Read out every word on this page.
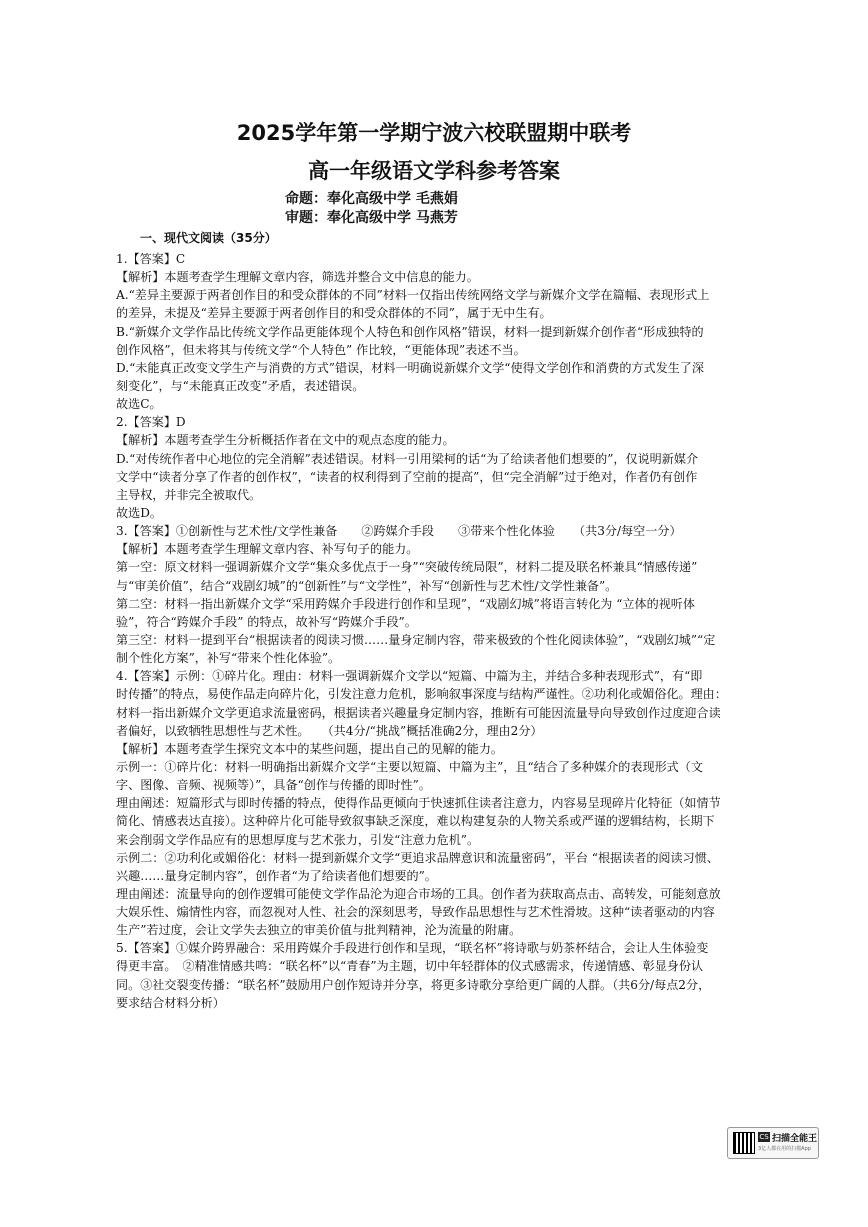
2025学年第一学期宁波六校联盟期中联考
高一年级语文学科参考答案
命题：奉化高级中学 毛燕娟
审题：奉化高级中学 马燕芳
一、现代文阅读（35分）
1.【答案】C
【解析】本题考查学生理解文章内容，筛选并整合文中信息的能力。
A.“差异主要源于两者创作目的和受众群体的不同”材料一仅指出传统网络文学与新媒介文学在篇幅、表现形式上
的差异，未提及“差异主要源于两者创作目的和受众群体的不同”，属于无中生有。
B.“新媒介文学作品比传统文学作品更能体现个人特色和创作风格”错误，材料一提到新媒介创作者“形成独特的
创作风格”，但未将其与传统文学“个人特色” 作比较，“更能体现”表述不当。
D.“未能真正改变文学生产与消费的方式”错误，材料一明确说新媒介文学“使得文学创作和消费的方式发生了深
刻变化”，与“未能真正改变”矛盾，表述错误。
故选C。
2.【答案】D
【解析】本题考查学生分析概括作者在文中的观点态度的能力。
D.“对传统作者中心地位的完全消解”表述错误。材料一引用梁柯的话“为了给读者他们想要的”，仅说明新媒介
文学中“读者分享了作者的创作权”，“读者的权利得到了空前的提高”，但“完全消解”过于绝对，作者仍有创作
主导权，并非完全被取代。
故选D。
3.【答案】①创新性与艺术性/文学性兼备　　②跨媒介手段　　③带来个性化体验　　（共3分/每空一分）
【解析】本题考查学生理解文章内容、补写句子的能力。
第一空：原文材料一强调新媒介文学“集众多优点于一身”“突破传统局限”，材料二提及联名杯兼具“情感传递”
与“审美价值”，结合“戏剧幻城”的“创新性”与“文学性”，补写“创新性与艺术性/文学性兼备”。
第二空：材料一指出新媒介文学“采用跨媒介手段进行创作和呈现”，“戏剧幻城”将语言转化为 “立体的视听体
验”，符合“跨媒介手段” 的特点，故补写“跨媒介手段”。
第三空：材料一提到平台“根据读者的阅读习惯……量身定制内容，带来极致的个性化阅读体验”，“戏剧幻城”“定
制个性化方案”，补写“带来个性化体验”。
4.【答案】示例：①碎片化。理由：材料一强调新媒介文学以“短篇、中篇为主，并结合多种表现形式”，有“即
时传播”的特点，易使作品走向碎片化，引发注意力危机，影响叙事深度与结构严谨性。②功利化或媚俗化。理由：
材料一指出新媒介文学更追求流量密码，根据读者兴趣量身定制内容，推断有可能因流量导向导致创作过度迎合读
者偏好，以致牺牲思想性与艺术性。　　（共4分/“挑战”概括准确2分，理由2分）
【解析】本题考查学生探究文本中的某些问题，提出自己的见解的能力。
示例一：①碎片化：材料一明确指出新媒介文学“主要以短篇、中篇为主”，且“结合了多种媒介的表现形式（文
字、图像、音频、视频等）”，具备“创作与传播的即时性”。
理由阐述：短篇形式与即时传播的特点，使得作品更倾向于快速抓住读者注意力，内容易呈现碎片化特征（如情节
简化、情感表达直接）。这种碎片化可能导致叙事缺乏深度，难以构建复杂的人物关系或严谨的逻辑结构，长期下
来会削弱文学作品应有的思想厚度与艺术张力，引发“注意力危机”。
示例二：②功利化或媚俗化：材料一提到新媒介文学“更追求品牌意识和流量密码”，平台 “根据读者的阅读习惯、
兴趣……量身定制内容”，创作者“为了给读者他们想要的”。
理由阐述：流量导向的创作逻辑可能使文学作品沦为迎合市场的工具。创作者为获取高点击、高转发，可能刻意放
大娱乐性、煽情性内容，而忽视对人性、社会的深刻思考，导致作品思想性与艺术性滑坡。这种“读者驱动的内容
生产”若过度，会让文学失去独立的审美价值与批判精神，沦为流量的附庸。
5.【答案】①媒介跨界融合：采用跨媒介手段进行创作和呈现，“联名杯”将诗歌与奶茶杯结合，会让人生体验变
得更丰富。　②精准情感共鸣：“联名杯”以“青春”为主题，切中年轻群体的仪式感需求，传递情感、彰显身份认
同。③社交裂变传播：“联名杯”鼓励用户创作短诗并分享，将更多诗歌分享给更广阔的人群。（共6分/每点2分，
要求结合材料分析）
CS 扫描全能王
3亿人都在用的扫描App
